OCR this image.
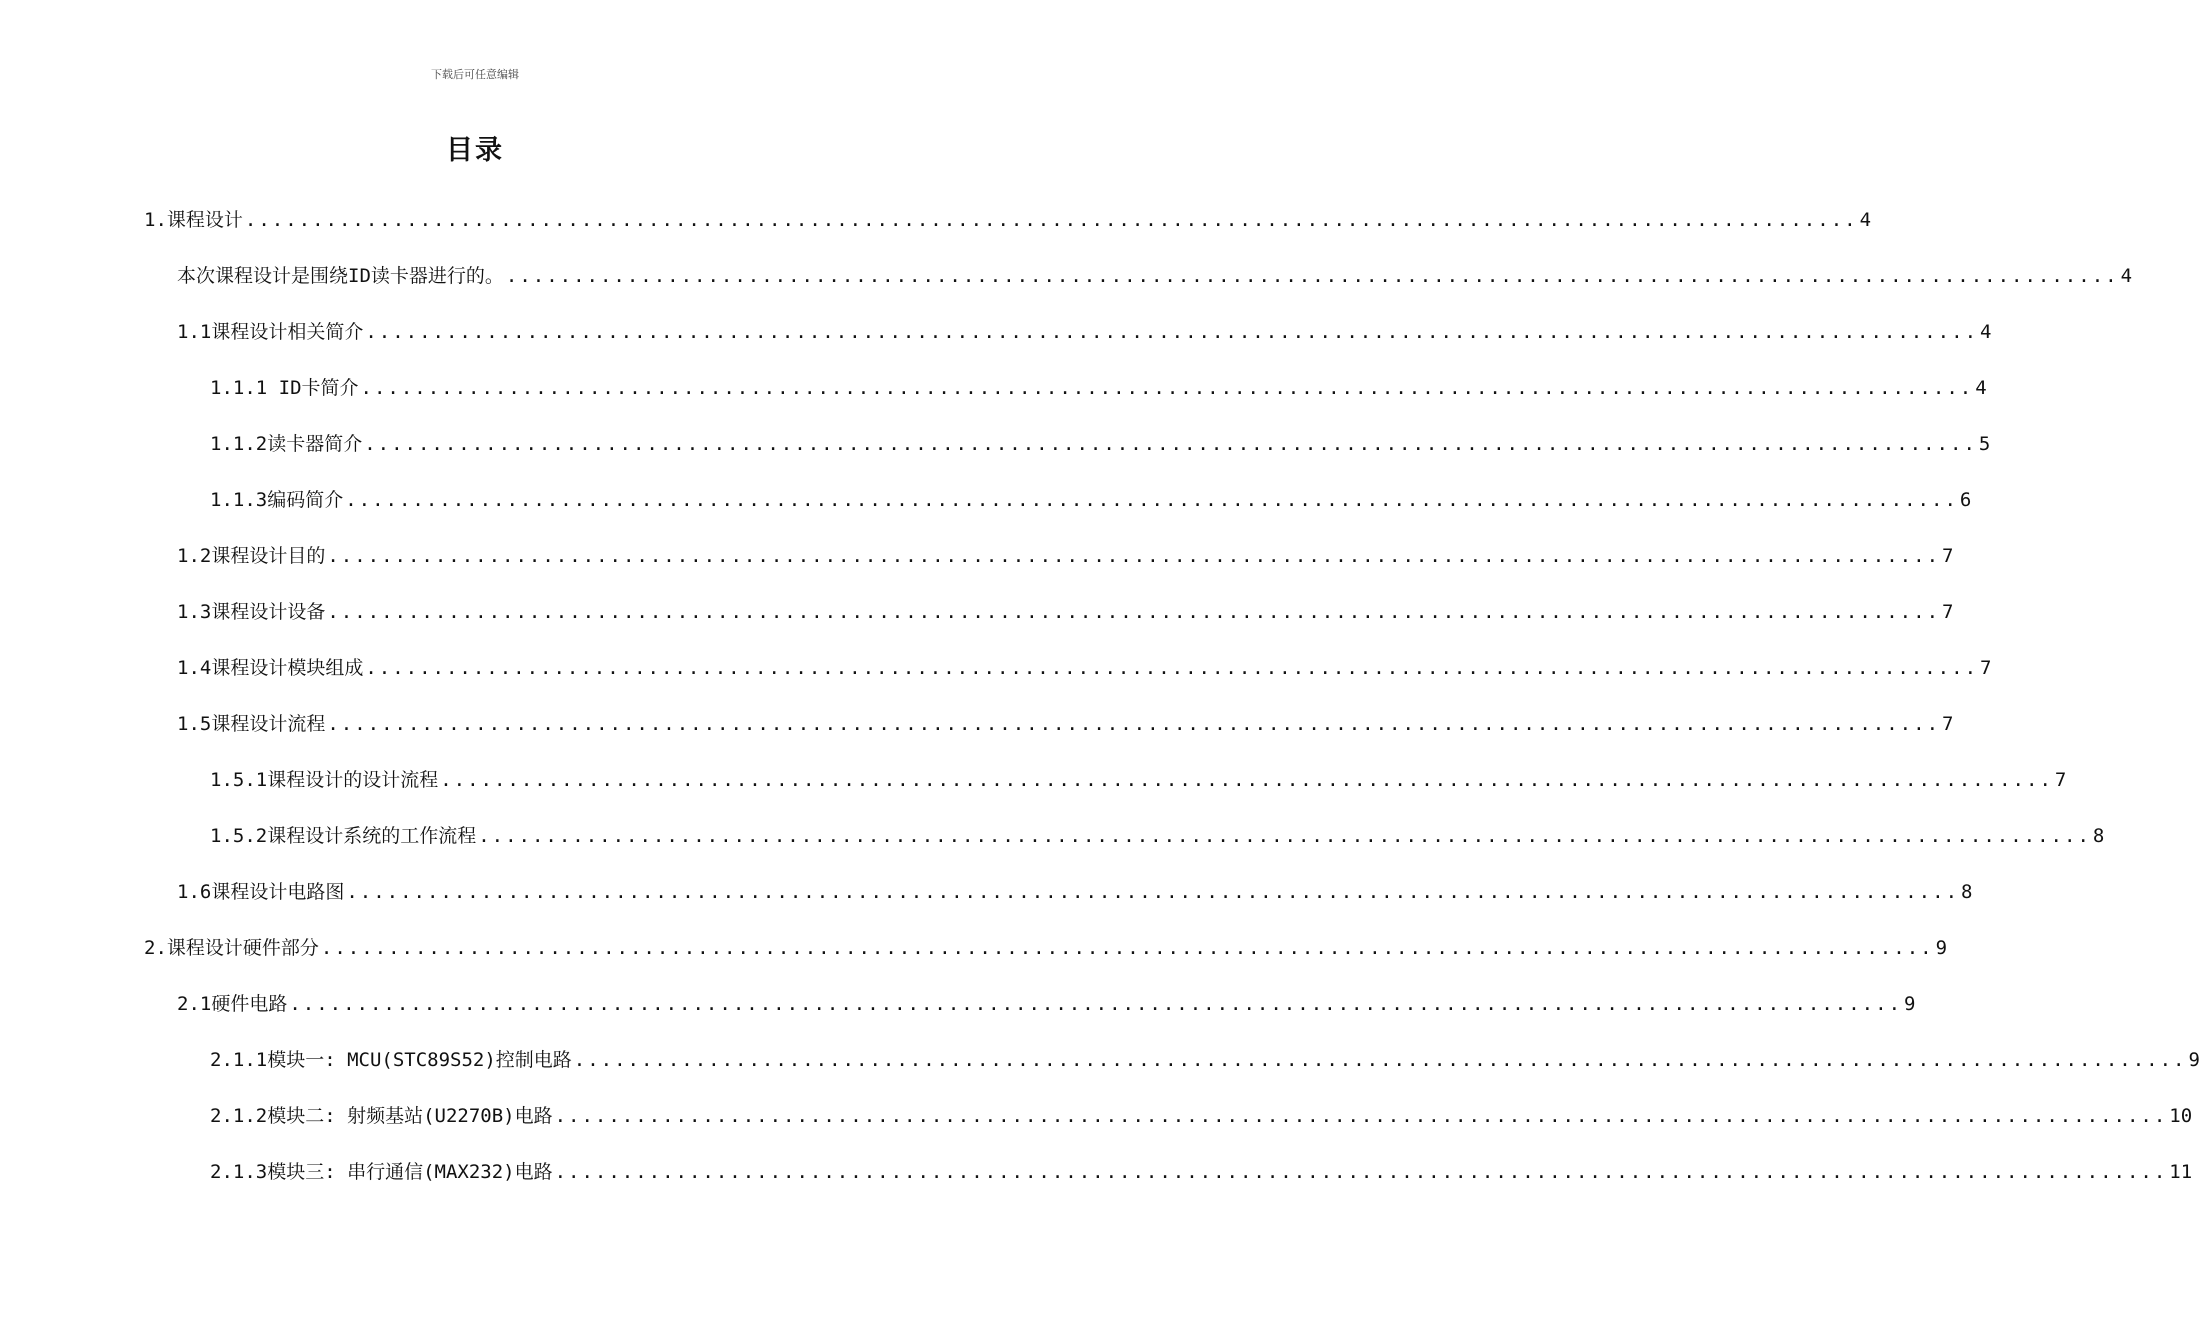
下载后可任意编辑
目录
1.课程设计 ........................................................................................................................ 4
本次课程设计是围绕ID读卡器进行的。 ........................................................................................................................ 4
1.1课程设计相关简介 ........................................................................................................................ 4
1.1.1 ID卡简介 ........................................................................................................................ 4
1.1.2读卡器简介 ........................................................................................................................ 5
1.1.3编码简介 ........................................................................................................................ 6
1.2课程设计目的 ........................................................................................................................ 7
1.3课程设计设备 ........................................................................................................................ 7
1.4课程设计模块组成 ........................................................................................................................ 7
1.5课程设计流程 ........................................................................................................................ 7
1.5.1课程设计的设计流程 ........................................................................................................................ 7
1.5.2课程设计系统的工作流程 ........................................................................................................................ 8
1.6课程设计电路图 ........................................................................................................................ 8
2.课程设计硬件部分 ........................................................................................................................ 9
2.1硬件电路 ........................................................................................................................ 9
2.1.1模块一: MCU(STC89S52)控制电路 ........................................................................................................................ 9
2.1.2模块二: 射频基站(U2270B)电路 ........................................................................................................................ 10
2.1.3模块三: 串行通信(MAX232)电路 ........................................................................................................................ 11
